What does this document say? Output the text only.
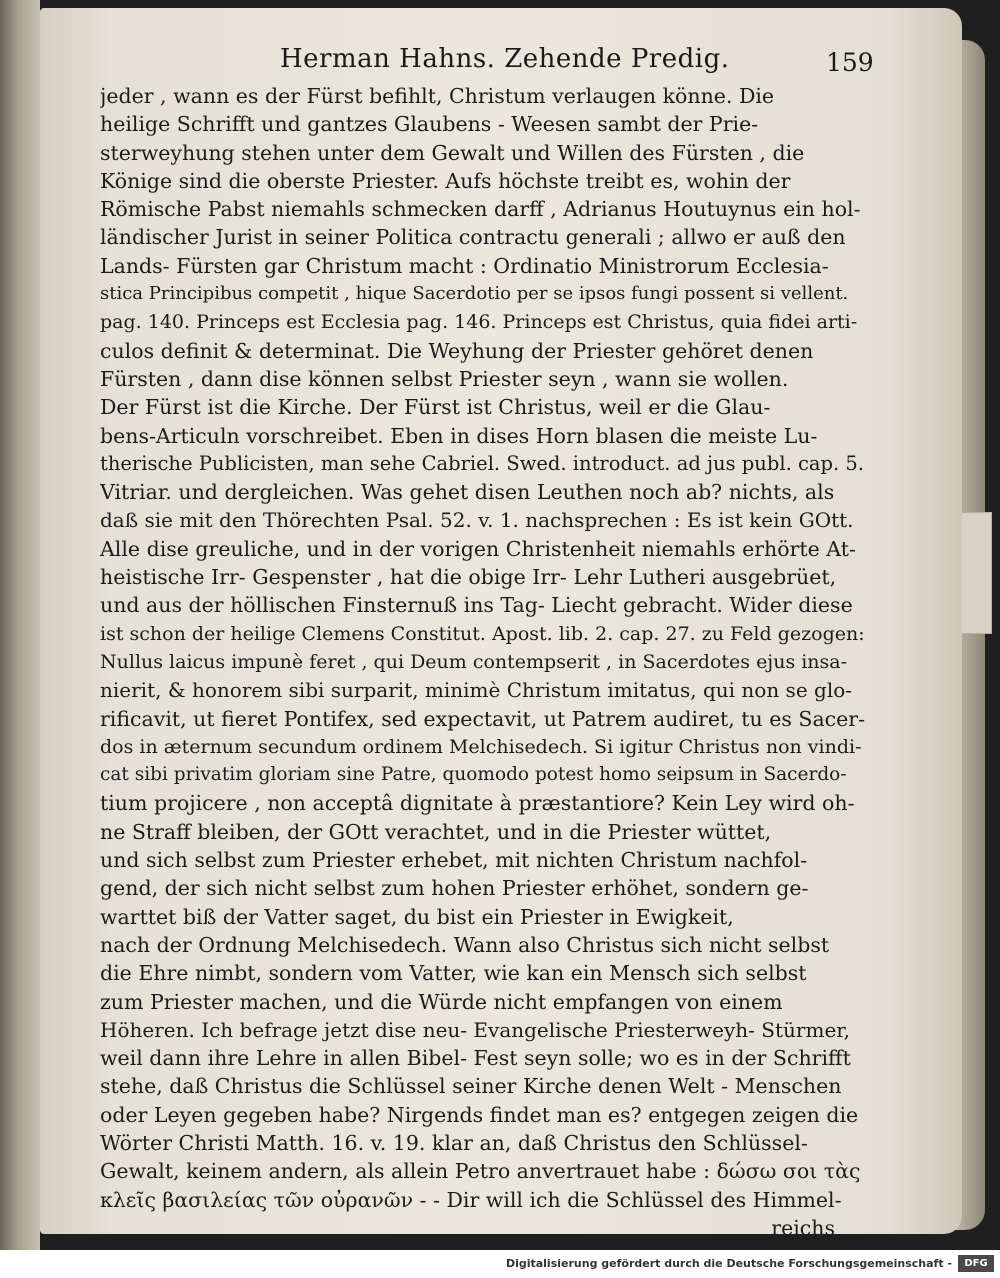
Herman Hahns. Zehende Predig.	159
jeder , wann es der Fürst befihlt, Christum verlaugen könne. Die
heilige Schrifft und gantzes Glaubens - Weesen sambt der Prie-
sterweyhung stehen unter dem Gewalt und Willen des Fürsten , die
Könige sind die oberste Priester. Aufs höchste treibt es, wohin der
Römische Pabst niemahls schmecken darff , Adrianus Houtuynus ein hol-
ländischer Jurist in seiner Politica contractu generali ; allwo er auß den
Lands- Fürsten gar Christum macht : Ordinatio Ministrorum Ecclesia-
stica Principibus competit , hique Sacerdotio per se ipsos fungi possent si vellent.
pag. 140. Princeps est Ecclesia pag. 146. Princeps est Christus, quia fidei arti-
culos definit & determinat. Die Weyhung der Priester gehöret denen
Fürsten , dann dise können selbst Priester seyn , wann sie wollen.
Der Fürst ist die Kirche. Der Fürst ist Christus, weil er die Glau-
bens-Articuln vorschreibet. Eben in dises Horn blasen die meiste Lu-
therische Publicisten, man sehe Cabriel. Swed. introduct. ad jus publ. cap. 5.
Vitriar. und dergleichen. Was gehet disen Leuthen noch ab? nichts, als
daß sie mit den Thörechten Psal. 52. v. 1. nachsprechen : Es ist kein GOtt.
Alle dise greuliche, und in der vorigen Christenheit niemahls erhörte At-
heistische Irr- Gespenster , hat die obige Irr- Lehr Lutheri ausgebrüet,
und aus der höllischen Finsternuß ins Tag- Liecht gebracht. Wider diese
ist schon der heilige Clemens Constitut. Apost. lib. 2. cap. 27. zu Feld gezogen:
Nullus laicus impunè feret , qui Deum contempserit , in Sacerdotes ejus insa-
nierit, & honorem sibi surparit, minimè Christum imitatus, qui non se glo-
rificavit, ut fieret Pontifex, sed expectavit, ut Patrem audiret, tu es Sacer-
dos in æternum secundum ordinem Melchisedech. Si igitur Christus non vindi-
cat sibi privatim gloriam sine Patre, quomodo potest homo seipsum in Sacerdo-
tium projicere , non acceptâ dignitate à præstantiore? Kein Ley wird oh-
ne Straff bleiben, der GOtt verachtet, und in die Priester wüttet,
und sich selbst zum Priester erhebet, mit nichten Christum nachfol-
gend, der sich nicht selbst zum hohen Priester erhöhet, sondern ge-
warttet biß der Vatter saget, du bist ein Priester in Ewigkeit,
nach der Ordnung Melchisedech. Wann also Christus sich nicht selbst
die Ehre nimbt, sondern vom Vatter, wie kan ein Mensch sich selbst
zum Priester machen, und die Würde nicht empfangen von einem
Höheren. Ich befrage jetzt dise neu- Evangelische Priesterweyh- Stürmer,
weil dann ihre Lehre in allen Bibel- Fest seyn solle; wo es in der Schrifft
stehe, daß Christus die Schlüssel seiner Kirche denen Welt - Menschen
oder Leyen gegeben habe? Nirgends findet man es? entgegen zeigen die
Wörter Christi Matth. 16. v. 19. klar an, daß Christus den Schlüssel-
Gewalt, keinem andern, als allein Petro anvertrauet habe : δώσω σοι τὰς
κλεῖς βασιλείας τῶν οὐρανῶν - - Dir will ich die Schlüssel des Himmel-
reichs
Digitalisierung gefördert durch die Deutsche Forschungsgemeinschaft -	DFG
